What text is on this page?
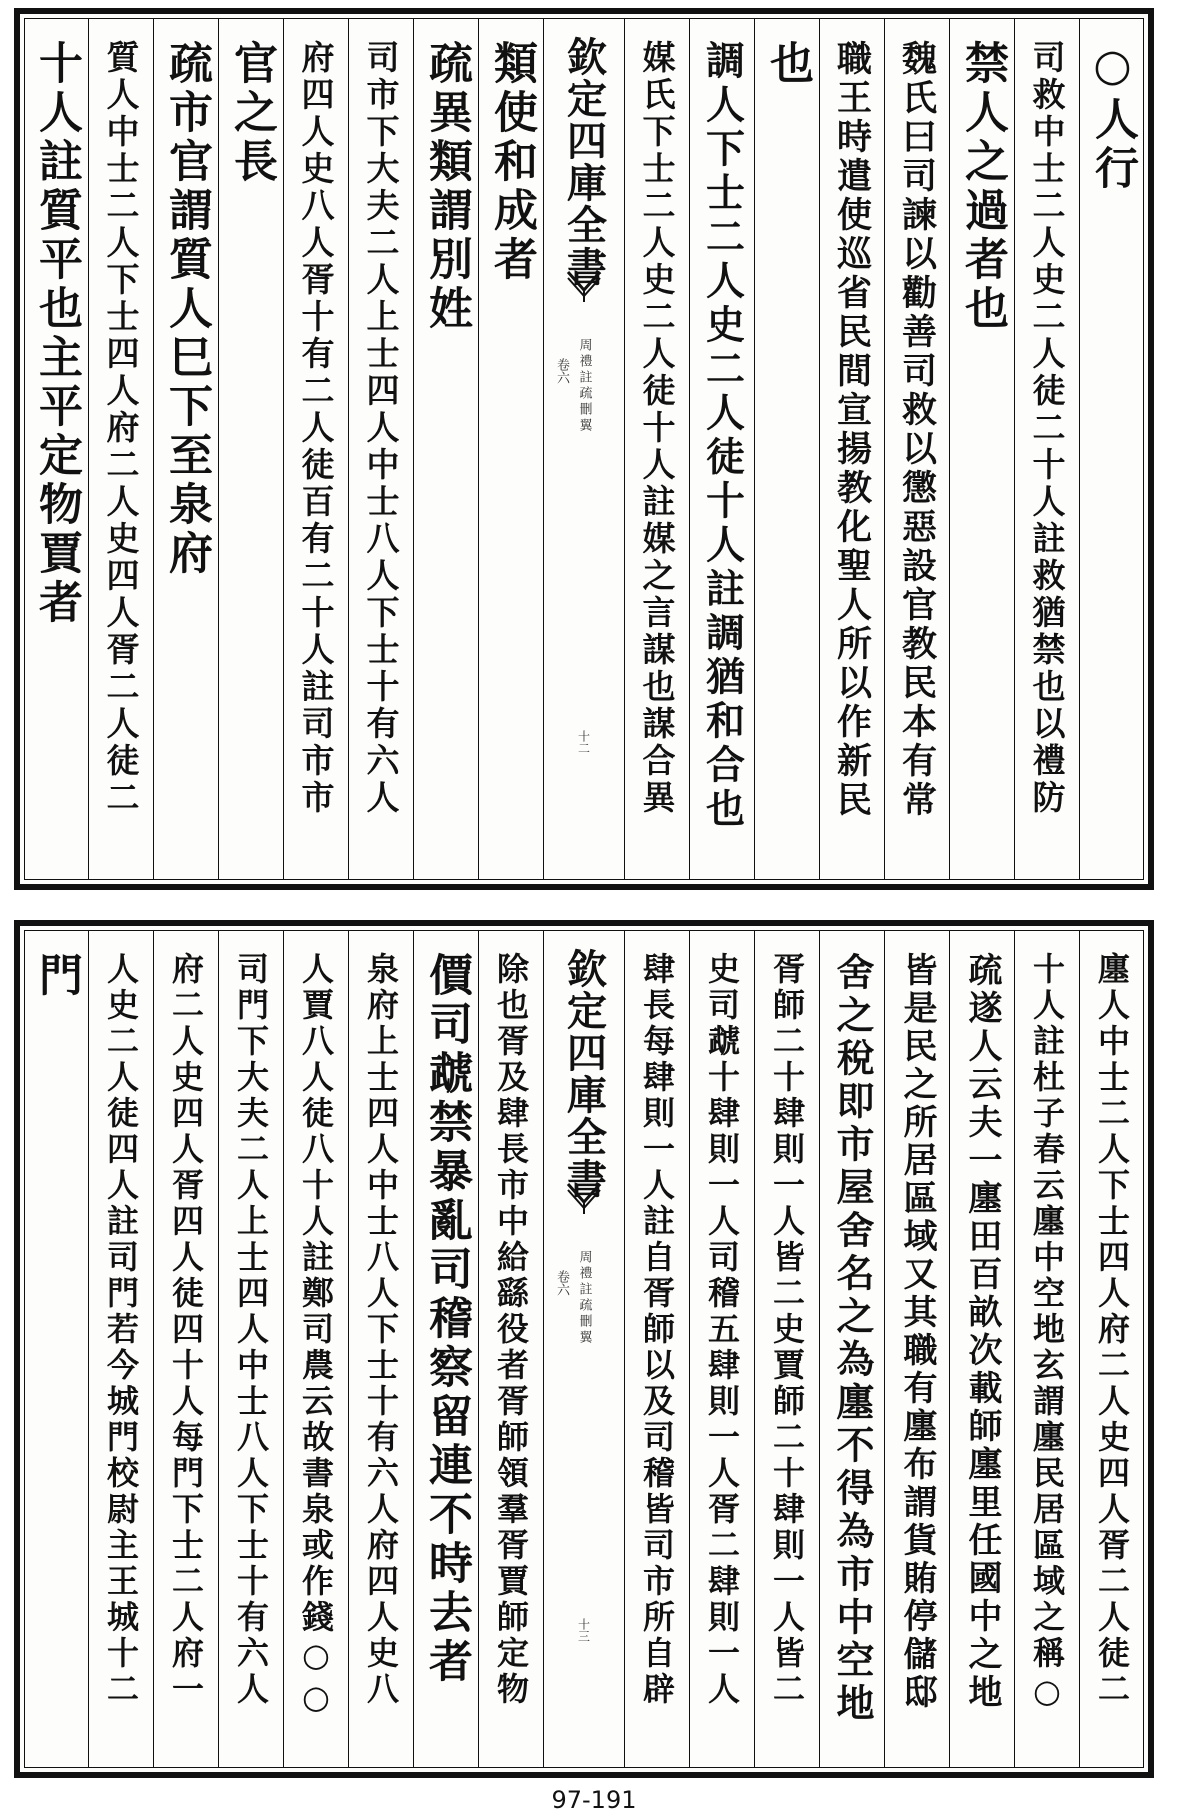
○人行
司救中士二人史二人徒二十人註救猶禁也以禮防
禁人之過者也
魏氏曰司諫以勸善司救以懲惡設官教民本有常
職王時遣使巡省民間宣揚教化聖人所以作新民
也
調人下士二人史二人徒十人註調猶和合也
媒氏下士二人史二人徒十人註媒之言謀也謀合異
欽定四庫全書
周禮註疏刪翼
卷六
十二
類使和成者
疏異類謂別姓
司市下大夫二人上士四人中士八人下士十有六人
府四人史八人胥十有二人徒百有二十人註司市市
官之長
疏市官謂質人巳下至泉府
質人中士二人下士四人府二人史四人胥二人徒二
十人註質平也主平定物賈者
廛人中士二人下士四人府二人史四人胥二人徒二
十人註杜子春云廛中空地玄謂廛民居區域之稱○
疏遂人云夫一廛田百畝次載師廛里任國中之地
皆是民之所居區域又其職有廛布謂貨賄停儲邸
舍之稅即市屋舍名之為廛不得為市中空地
胥師二十肆則一人皆二史賈師二十肆則一人皆二
史司虣十肆則一人司稽五肆則一人胥二肆則一人
肆長每肆則一人註自胥師以及司稽皆司市所自辟
欽定四庫全書
周禮註疏刪翼
卷六
十三
除也胥及肆長市中給繇役者胥師領羣胥賈師定物
價司虣禁暴亂司稽察留連不時去者
泉府上士四人中士八人下士十有六人府四人史八
人賈八人徒八十人註鄭司農云故書泉或作錢○○
司門下大夫二人上士四人中士八人下士十有六人
府二人史四人胥四人徒四十人每門下士二人府一
人史二人徒四人註司門若今城門校尉主王城十二
門
97-191
